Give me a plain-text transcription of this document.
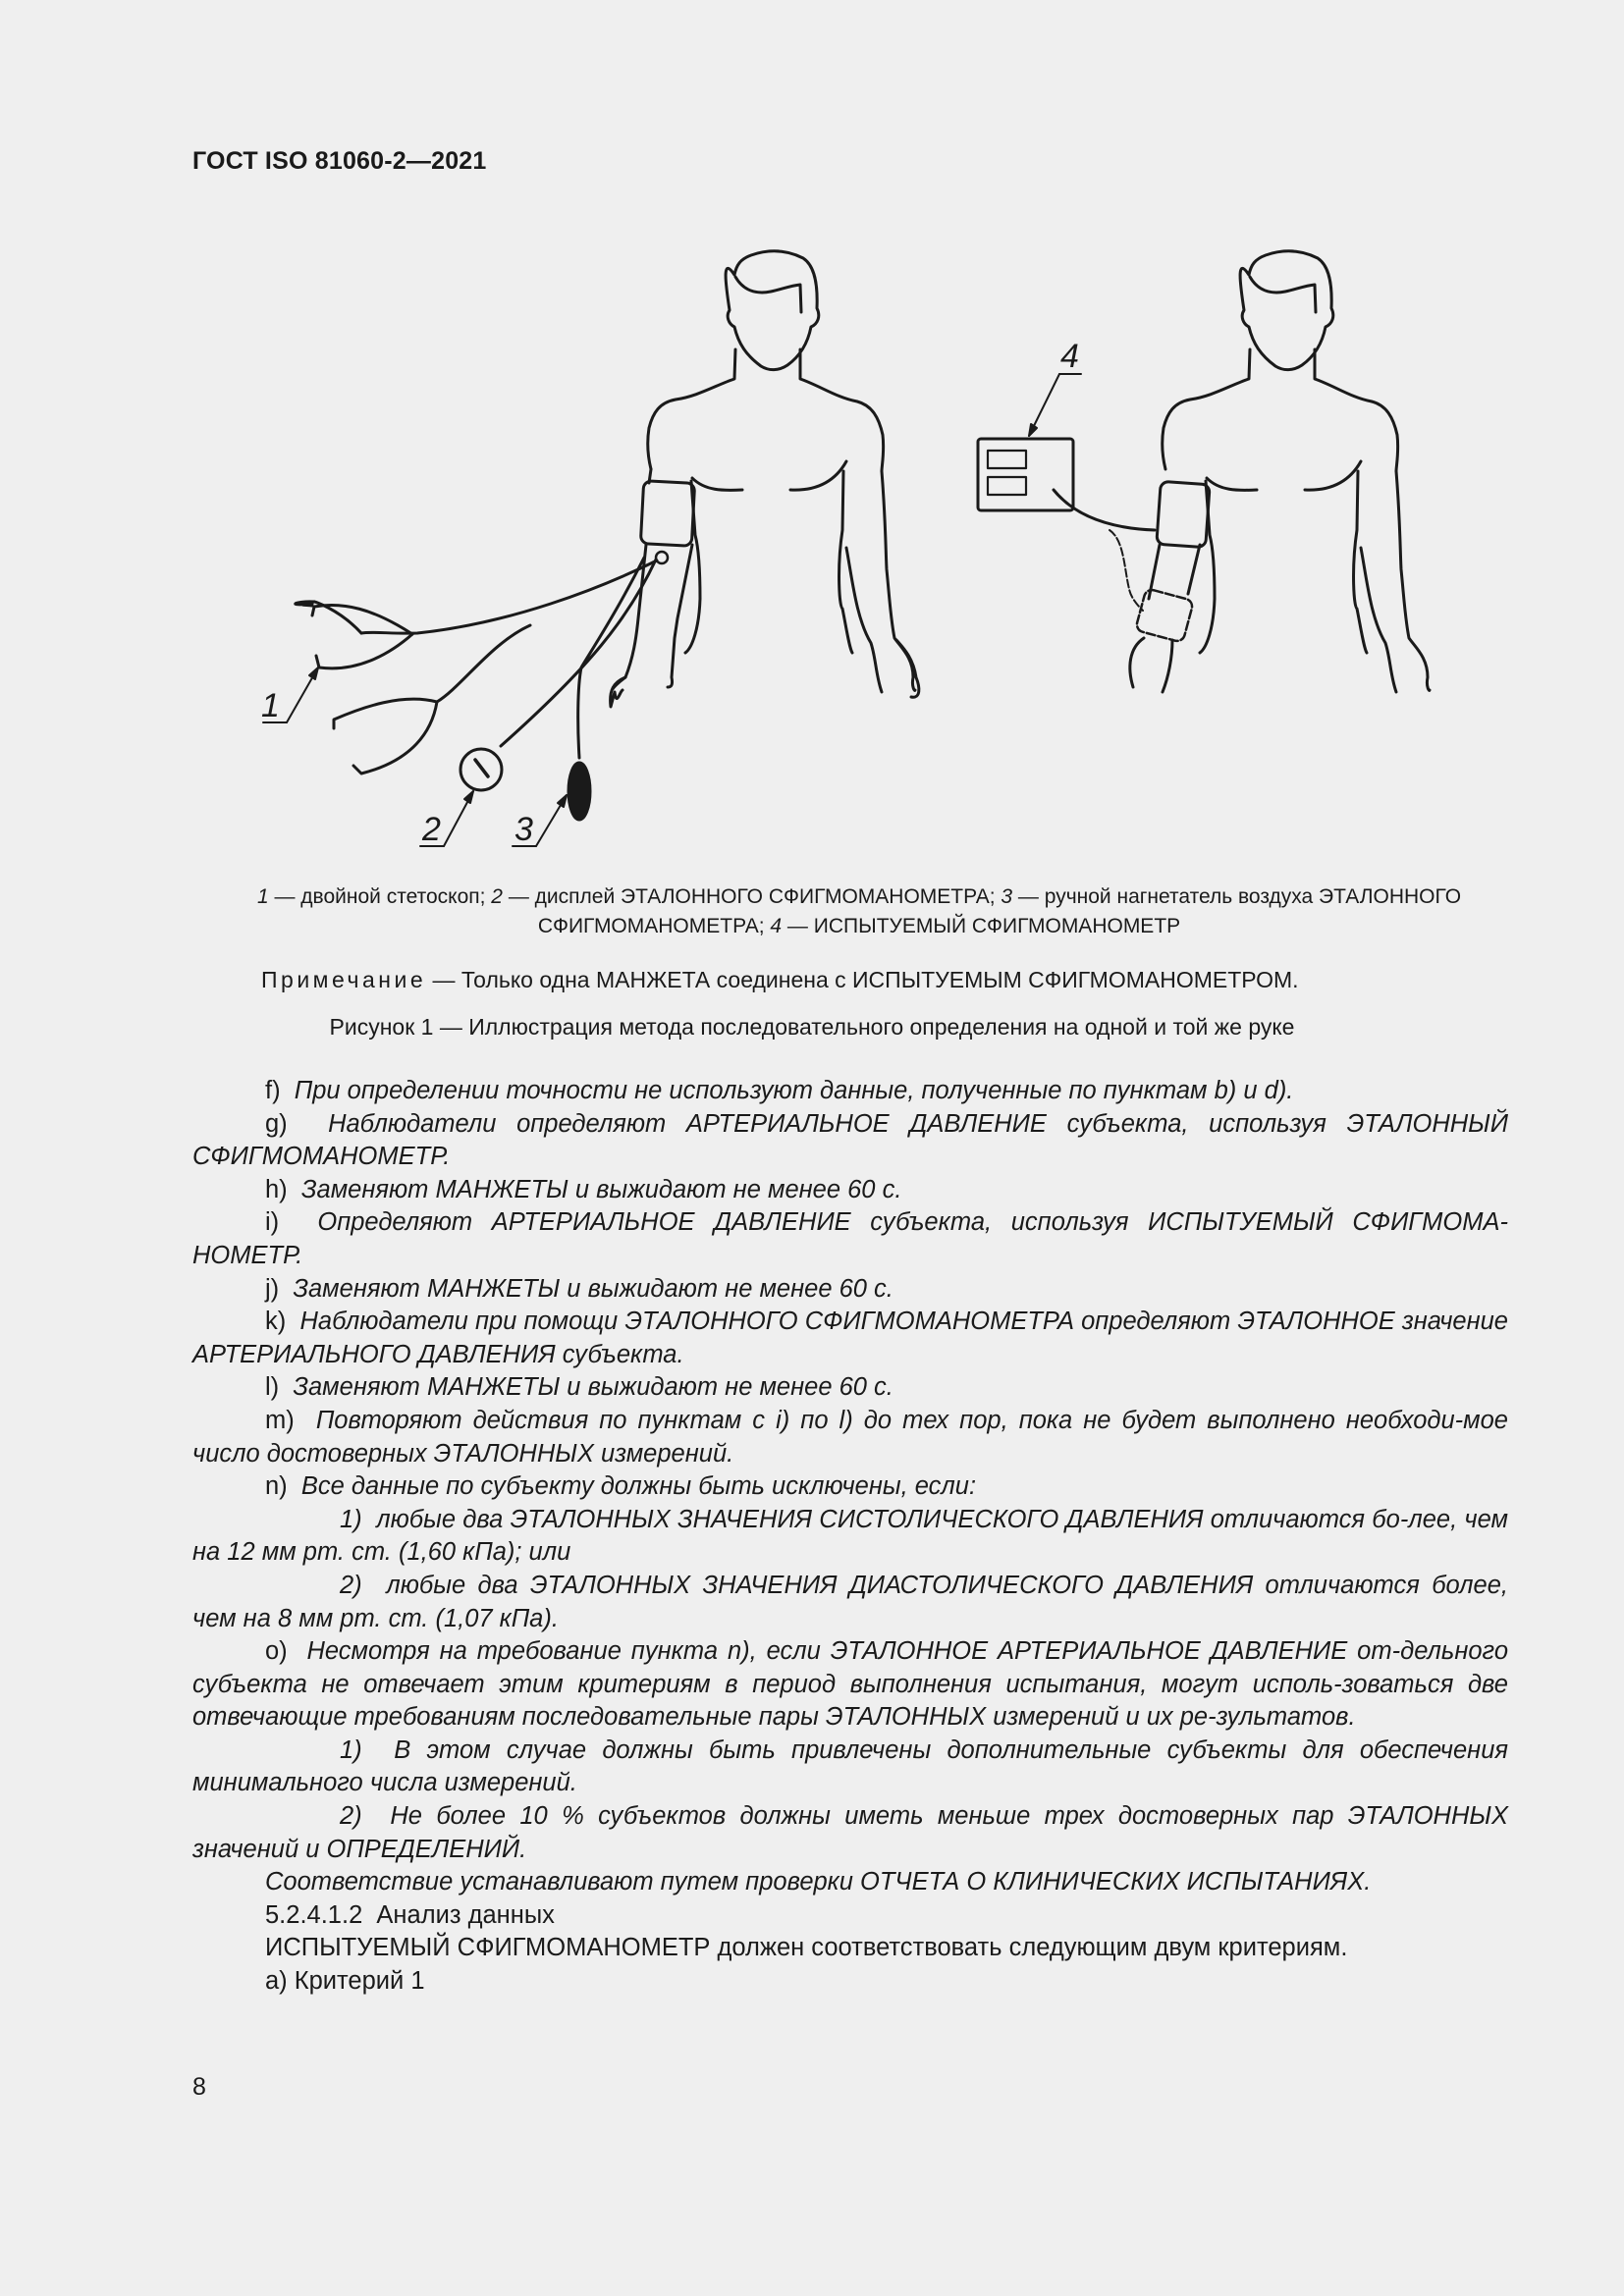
ГОСТ ISO 81060-2—2021
1
2 3
4
1 — двойной стетоскоп; 2 — дисплей ЭТАЛОННОГО СФИГМОМАНОМЕТРА; 3 — ручной нагнетатель воздуха ЭТАЛОННОГО СФИГМОМАНОМЕТРА; 4 — ИСПЫТУЕМЫЙ СФИГМОМАНОМЕТР
Примечание — Только одна МАНЖЕТА соединена с ИСПЫТУЕМЫМ СФИГМОМАНОМЕТРОМ.
Рисунок 1 — Иллюстрация метода последовательного определения на одной и той же руке

f) При определении точности не используют данные, полученные по пунктам b) и d).

g) Наблюдатели определяют АРТЕРИАЛЬНОЕ ДАВЛЕНИЕ субъекта, используя ЭТАЛОННЫЙ СФИГМОМАНОМЕТР.

h) Заменяют МАНЖЕТЫ и выжидают не менее 60 с.

i) Определяют АРТЕРИАЛЬНОЕ ДАВЛЕНИЕ субъекта, используя ИСПЫТУЕМЫЙ СФИГМОМА-НОМЕТР.

j) Заменяют МАНЖЕТЫ и выжидают не менее 60 с.

k) Наблюдатели при помощи ЭТАЛОННОГО СФИГМОМАНОМЕТРА определяют ЭТАЛОННОЕ значение АРТЕРИАЛЬНОГО ДАВЛЕНИЯ субъекта.

l) Заменяют МАНЖЕТЫ и выжидают не менее 60 с.

m) Повторяют действия по пунктам с i) по l) до тех пор, пока не будет выполнено необходи-мое число достоверных ЭТАЛОННЫХ измерений.

n) Все данные по субъекту должны быть исключены, если:

1) любые два ЭТАЛОННЫХ ЗНАЧЕНИЯ СИСТОЛИЧЕСКОГО ДАВЛЕНИЯ отличаются бо-лее, чем на 12 мм рт. ст. (1,60 кПа); или

2) любые два ЭТАЛОННЫХ ЗНАЧЕНИЯ ДИАСТОЛИЧЕСКОГО ДАВЛЕНИЯ отличаются более, чем на 8 мм рт. ст. (1,07 кПа).

o) Несмотря на требование пункта n), если ЭТАЛОННОЕ АРТЕРИАЛЬНОЕ ДАВЛЕНИЕ от-дельного субъекта не отвечает этим критериям в период выполнения испытания, могут исполь-зоваться две отвечающие требованиям последовательные пары ЭТАЛОННЫХ измерений и их ре-зультатов.

1) В этом случае должны быть привлечены дополнительные субъекты для обеспечения минимального числа измерений.

2) Не более 10 % субъектов должны иметь меньше трех достоверных пар ЭТАЛОННЫХ значений и ОПРЕДЕЛЕНИЙ.

Соответствие устанавливают путем проверки ОТЧЕТА О КЛИНИЧЕСКИХ ИСПЫТАНИЯХ.

5.2.4.1.2 Анализ данных

ИСПЫТУЕМЫЙ СФИГМОМАНОМЕТР должен соответствовать следующим двум критериям.

а) Критерий 1

8
